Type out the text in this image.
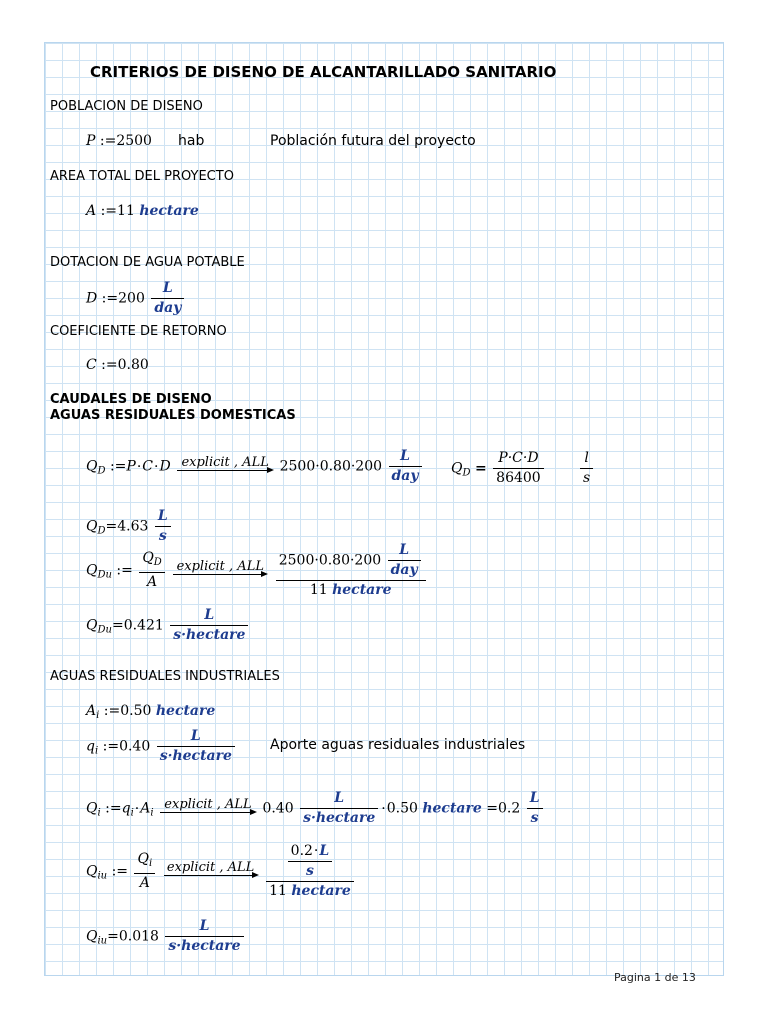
CRITERIOS DE DISENO DE ALCANTARILLADO SANITARIO
POBLACION DE DISENO
P :=2500 hab	Población futura del proyecto
AREA TOTAL DEL PROYECTO
A :=11 hectare
DOTACION DE AGUA POTABLE
D :=200 $\frac{L}{\text{day}}$
COEFICIENTE DE RETORNO
C :=0.80
CAUDALES DE DISENO
AGUAS RESIDUALES DOMESTICAS
$Q_D$ :=P·C·D explicit , ALL $2500\cdot 0.80\cdot 200 \frac{L}{\text{day}} Q_D = \frac{P\cdot C\cdot D}{86400}$	$\frac{l}{s}$
$Q_D=4.63 \frac{L}{s}$
$Q_{Du}$ := $\frac{Q_D}{A}$
explicit , ALL
$\frac{2500\cdot 0.80\cdot 200 \frac{L}{\text{day}}}{\text{11 hectare}}$
$Q_{Du}=0.421 \frac{L}{\text{s·hectare}}$
AGUAS RESIDUALES INDUSTRIALES
$A_i$ :=0.50 hectare
$q_i$ :=0.40 $\frac{L}{\text{s·hectare}}$	Aporte aguas residuales industriales
$Q_i$ $:=q_i\cdot A_i$
explicit , ALL $0.40 \frac{L}{\text{s·hectare}} \cdot 0.50$ hectare $=0.2 \frac{L}{s}$
$Q_{iu}$ := $\frac{Q_i}{A}$
explicit , ALL
$\frac{\frac{0.2\cdot L}{s}}{\text{11 hectare}}$
$Q_{iu}=0.018 \frac{L}{\text{s·hectare}}$
Pagina 1 de 13
